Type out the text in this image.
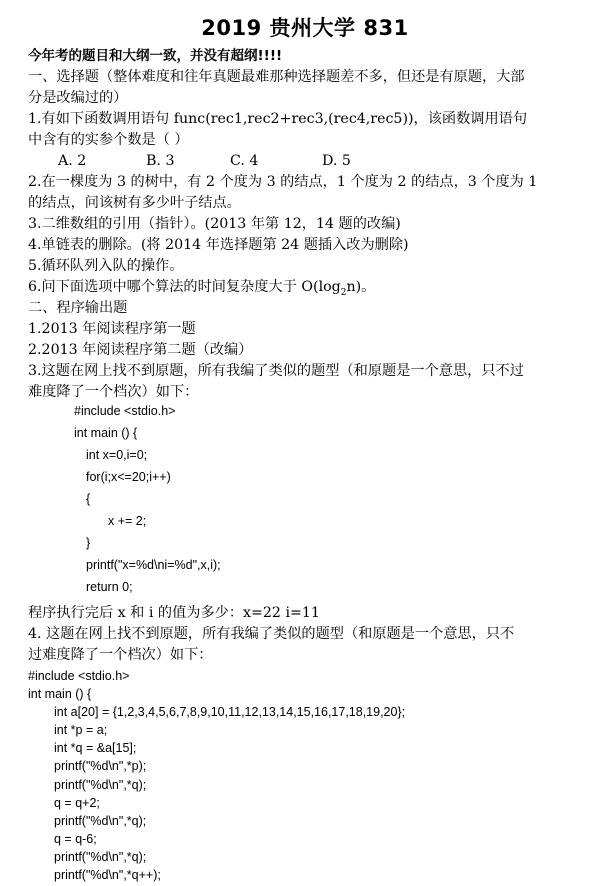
2019 贵州大学 831
今年考的题目和大纲一致，并没有超纲!!!!
一、选择题（整体难度和往年真题最难那种选择题差不多，但还是有原题，大部
分是改编过的）
1.有如下函数调用语句 func(rec1,rec2+rec3,(rec4,rec5))，该函数调用语句
中含有的实参个数是（ ）
A. 2	B. 3	C. 4	D. 5
2.在一棵度为 3 的树中，有 2 个度为 3 的结点，1 个度为 2 的结点，3 个度为 1
的结点，问该树有多少叶子结点。
3.二维数组的引用（指针）。(2013 年第 12，14 题的改编)
4.单链表的删除。(将 2014 年选择题第 24 题插入改为删除)
5.循环队列入队的操作。
6.问下面选项中哪个算法的时间复杂度大于 $O(\log_2n)$。
二、程序输出题
1.2013 年阅读程序第一题
2.2013 年阅读程序第二题（改编）
3.这题在网上找不到原题，所有我编了类似的题型（和原题是一个意思，只不过
难度降了一个档次）如下：
#include <stdio.h>
int main () {
int x=0,i=0;
for(i;x<=20;i++)
{
x += 2;
}
printf("x=%d\ni=%d",x,i);
return 0;
程序执行完后 x 和 i 的值为多少：x=22 i=11
4. 这题在网上找不到原题，所有我编了类似的题型（和原题是一个意思，只不
过难度降了一个档次）如下：
#include <stdio.h>
int main () {
int a[20] = {1,2,3,4,5,6,7,8,9,10,11,12,13,14,15,16,17,18,19,20};
int *p = a;
int *q = &a[15];
printf("%d\n",*p);
printf("%d\n",*q);
q = q+2;
printf("%d\n",*q);
q = q-6;
printf("%d\n",*q);
printf("%d\n",*q++);
